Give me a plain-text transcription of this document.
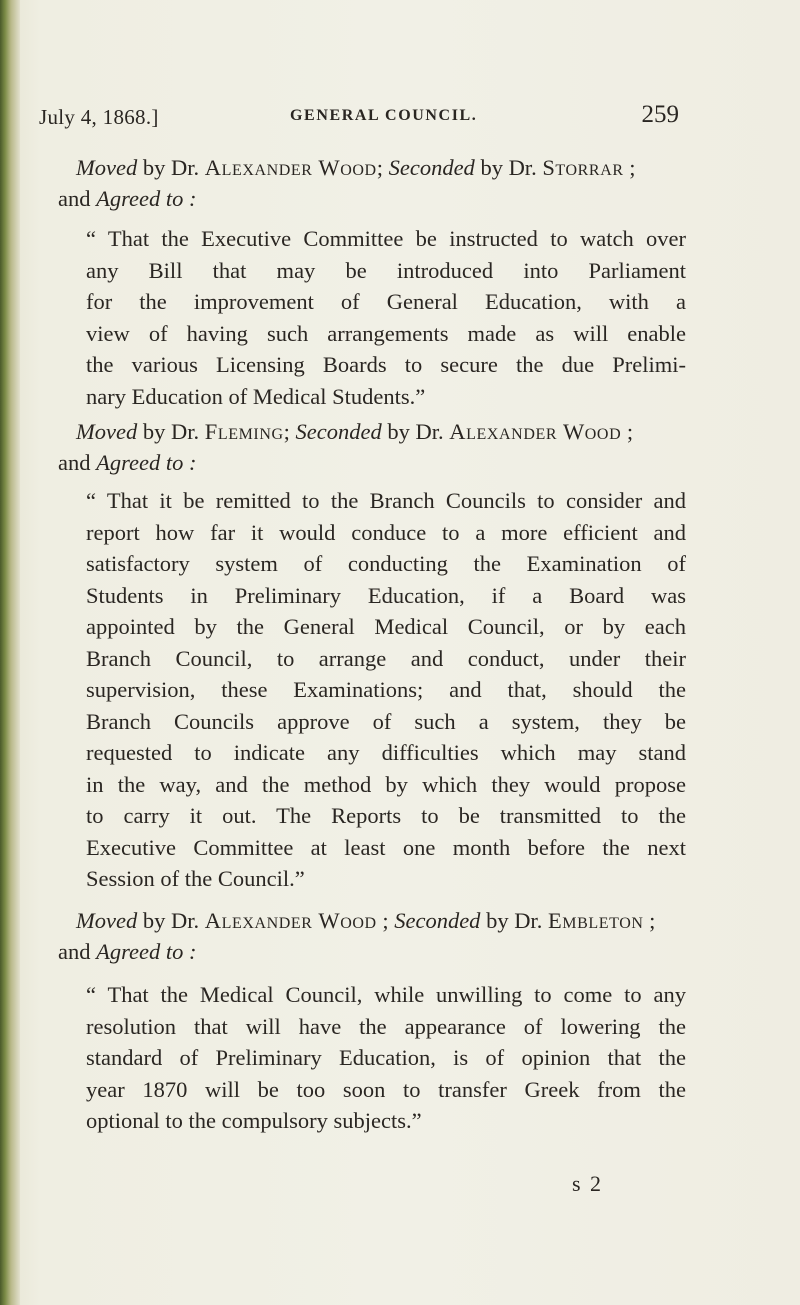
July 4, 1868.]	GENERAL COUNCIL.	259
Moved by Dr. Alexander Wood; Seconded by Dr. Storrar ;
and Agreed to :
“ That the Executive Committee be instructed to watch over
any Bill that may be introduced into Parliament
for the improvement of General Education, with a
view of having such arrangements made as will enable
the various Licensing Boards to secure the due Prelimi-
nary Education of Medical Students.”
Moved by Dr. Fleming; Seconded by Dr. Alexander Wood ;
and Agreed to :
“ That it be remitted to the Branch Councils to consider and
report how far it would conduce to a more efficient and
satisfactory system of conducting the Examination of
Students in Preliminary Education, if a Board was
appointed by the General Medical Council, or by each
Branch Council, to arrange and conduct, under their
supervision, these Examinations; and that, should the
Branch Councils approve of such a system, they be
requested to indicate any difficulties which may stand
in the way, and the method by which they would propose
to carry it out. The Reports to be transmitted to the
Executive Committee at least one month before the next
Session of the Council.”
Moved by Dr. Alexander Wood ; Seconded by Dr. Embleton ;
and Agreed to :
“ That the Medical Council, while unwilling to come to any
resolution that will have the appearance of lowering the
standard of Preliminary Education, is of opinion that the
year 1870 will be too soon to transfer Greek from the
optional to the compulsory subjects.”
s 2
